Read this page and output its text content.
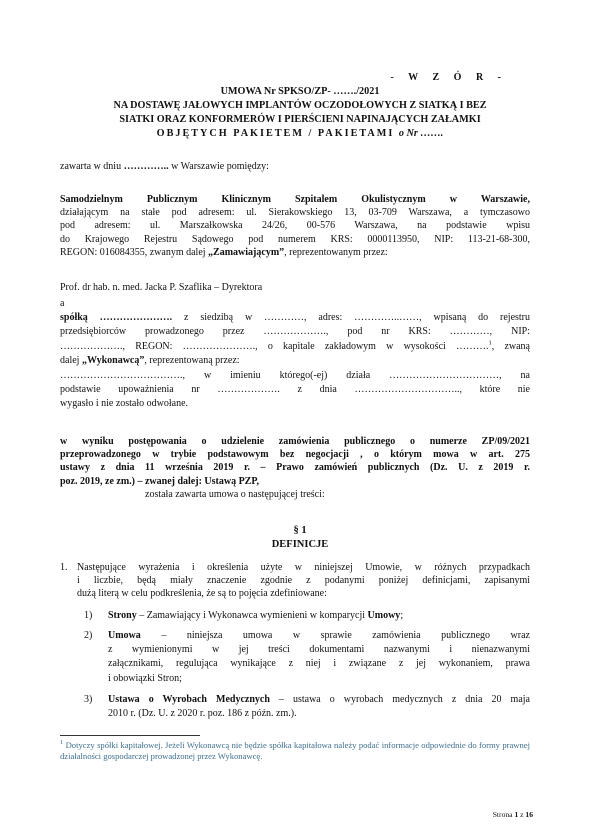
- W Z Ó R -
UMOWA Nr SPKSO/ZP- ……./2021
NA DOSTAWĘ JAŁOWYCH IMPLANTÓW OCZODOŁOWYCH Z SIATKĄ I BEZ
SIATKI ORAZ KONFORMERÓW I PIERŚCIENI NAPINAJĄCYCH ZAŁAMKI
OBJĘTYCH PAKIETEM / PAKIETAMI o Nr …….
zawarta w dniu ………….. w Warszawie pomiędzy:
Samodzielnym Publicznym Klinicznym Szpitalem Okulistycznym w Warszawie,
działającym na stałe pod adresem: ul. Sierakowskiego 13, 03-709 Warszawa, a tymczasowo
pod adresem: ul. Marszałkowska 24/26, 00-576 Warszawa, na podstawie wpisu
do Krajowego Rejestru Sądowego pod numerem KRS: 0000113950, NIP: 113-21-68-300,
REGON: 016084355, zwanym dalej „Zamawiającym”, reprezentowanym przez:
Prof. dr hab. n. med. Jacka P. Szaflika – Dyrektora
a
spółką …………………. z siedzibą w …………, adres: …………..……, wpisaną do rejestru
przedsiębiorców prowadzonego przez ………………., pod nr KRS: …………, NIP:
………………., REGON: …………………., o kapitale zakładowym w wysokości ……….$^1$, zwaną
dalej „Wykonawcą”, reprezentowaną przez:
………………………………., w imieniu którego(-ej) działa ……………………………, na
podstawie upoważnienia nr ………………. z dnia ………………………….., które nie
wygasło i nie zostało odwołane.
w wyniku postępowania o udzielenie zamówienia publicznego o numerze ZP/09/2021
przeprowadzonego w trybie podstawowym bez negocjacji , o którym mowa w art. 275
ustawy z dnia 11 września 2019 r. – Prawo zamówień publicznych (Dz. U. z 2019 r.
poz. 2019, ze zm.) – zwanej dalej: Ustawą PZP,
została zawarta umowa o następującej treści:
§ 1
DEFINICJE
1. Następujące wyrażenia i określenia użyte w niniejszej Umowie, w różnych przypadkach
i liczbie, będą miały znaczenie zgodnie z podanymi poniżej definicjami, zapisanymi
dużą literą w celu podkreślenia, że są to pojęcia zdefiniowane:
1) Strony – Zamawiający i Wykonawca wymienieni w komparycji Umowy;
2) Umowa – niniejsza umowa w sprawie zamówienia publicznego wraz
z wymienionymi w jej treści dokumentami nazwanymi i nienazwanymi
załącznikami, regulująca wynikające z niej i związane z jej wykonaniem, prawa
i obowiązki Stron;
3) Ustawa o Wyrobach Medycznych – ustawa o wyrobach medycznych z dnia 20 maja
2010 r. (Dz. U. z 2020 r. poz. 186 z późn. zm.).
$^1$ Dotyczy spółki kapitałowej. Jeżeli Wykonawcą nie będzie spółka kapitałowa należy podać informacje odpowiednie do formy prawnej działalności gospodarczej prowadzonej przez Wykonawcę.
Strona 1 z 16
